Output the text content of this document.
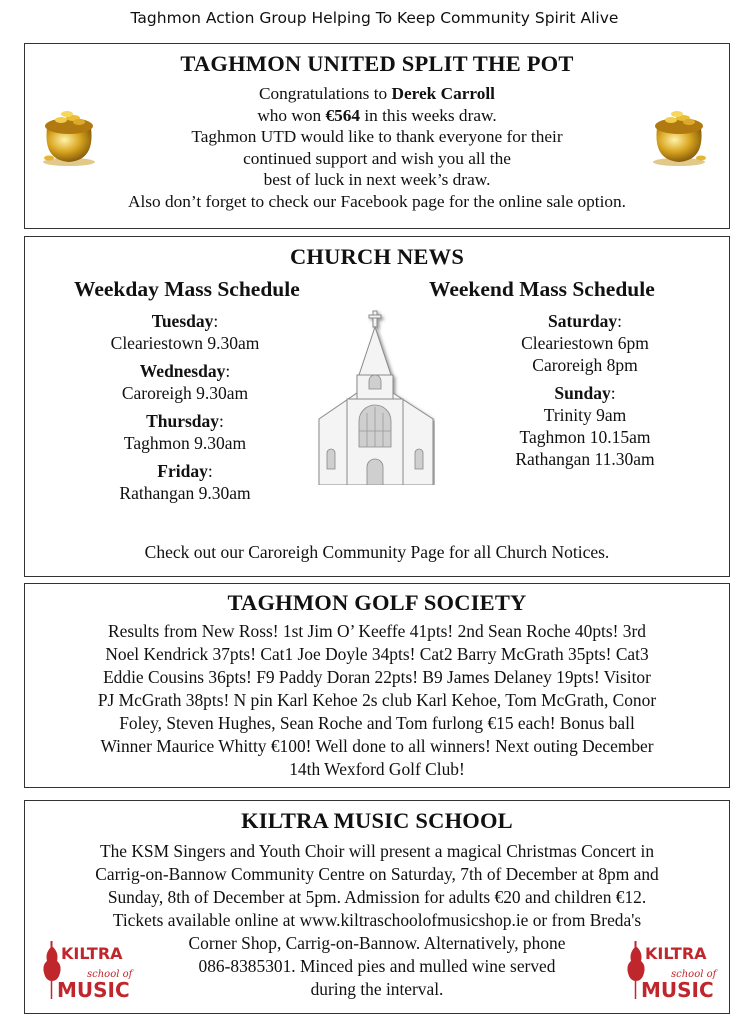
Taghmon Action Group Helping To Keep Community Spirit Alive
TAGHMON UNITED SPLIT THE POT
Congratulations to Derek Carroll
who won €564 in this weeks draw.
Taghmon UTD would like to thank everyone for their
continued support and wish you all the
best of luck in next week’s draw.
Also don’t forget to check our Facebook page for the online sale option.
CHURCH NEWS
Weekday Mass Schedule	Weekend Mass Schedule
Tuesday:
Cleariestown 9.30am
Wednesday:
Caroreigh 9.30am
Thursday:
Taghmon 9.30am
Friday:
Rathangan 9.30am
Saturday:
Cleariestown 6pm
Caroreigh 8pm
Sunday:
Trinity 9am
Taghmon 10.15am
Rathangan 11.30am
Check out our Caroreigh Community Page for all Church Notices.
TAGHMON GOLF SOCIETY
Results from New Ross! 1st Jim O’ Keeffe 41pts! 2nd Sean Roche 40pts! 3rd
Noel Kendrick 37pts! Cat1 Joe Doyle 34pts! Cat2 Barry McGrath 35pts! Cat3
Eddie Cousins 36pts! F9 Paddy Doran 22pts! B9 James Delaney 19pts! Visitor
PJ McGrath 38pts! N pin Karl Kehoe 2s club Karl Kehoe, Tom McGrath, Conor
Foley, Steven Hughes, Sean Roche and Tom furlong €15 each! Bonus ball
Winner Maurice Whitty €100! Well done to all winners! Next outing December
14th Wexford Golf Club!
KILTRA MUSIC SCHOOL
The KSM Singers and Youth Choir will present a magical Christmas Concert in
Carrig-on-Bannow Community Centre on Saturday, 7th of December at 8pm and
Sunday, 8th of December at 5pm. Admission for adults €20 and children €12.
Tickets available online at www.kiltraschoolofmusicshop.ie or from Breda's
Corner Shop, Carrig-on-Bannow. Alternatively, phone
086-8385301. Minced pies and mulled wine served
during the interval.
KILTRA
school of
MUSIC
KILTRA
school of
MUSIC
